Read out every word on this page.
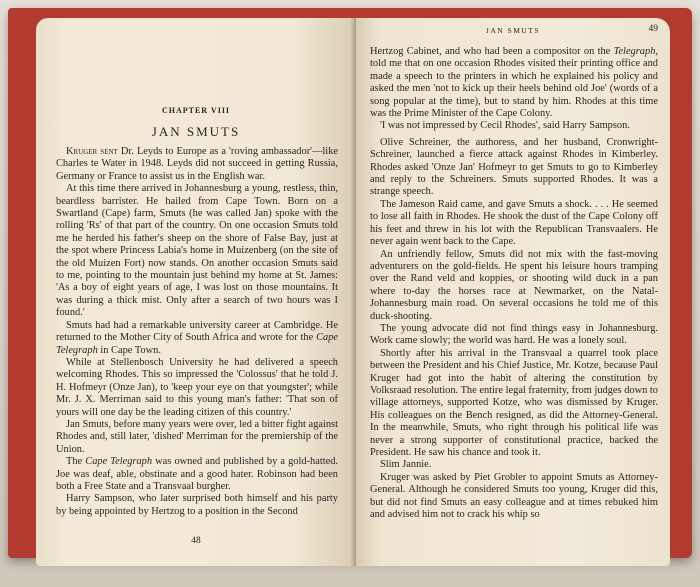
CHAPTER VIII
JAN SMUTS

Kruger sent Dr. Leyds to Europe as a 'roving ambassador'—like Charles te Water in 1948. Leyds did not succeed in getting Russia, Germany or France to assist us in the English war.

At this time there arrived in Johannesburg a young, restless, thin, beardless barrister. He hailed from Cape Town. Born on a Swartland (Cape) farm, Smuts (he was called Jan) spoke with the rolling 'Rs' of that part of the country. On one occasion Smuts told me he herded his father's sheep on the shore of False Bay, just at the spot where Princess Labia's home in Muizenberg (on the site of the old Muizen Fort) now stands. On another occasion Smuts said to me, pointing to the mountain just behind my home at St. James: 'As a boy of eight years of age, I was lost on those mountains. It was during a thick mist. Only after a search of two hours was I found.'

Smuts had had a remarkable university career at Cambridge. He returned to the Mother City of South Africa and wrote for the Cape Telegraph in Cape Town.

While at Stellenbosch University he had delivered a speech welcoming Rhodes. This so impressed the 'Colossus' that he told J. H. Hofmeyr (Onze Jan), to 'keep your eye on that youngster'; while Mr. J. X. Merriman said to this young man's father: 'That son of yours will one day be the leading citizen of this country.'

Jan Smuts, before many years were over, led a bitter fight against Rhodes and, still later, 'dished' Merriman for the premiership of the Union.

The Cape Telegraph was owned and published by a gold-hatted. Joe was deaf, able, obstinate and a good hater. Robinson had been both a Free State and a Transvaal burgher.

Harry Sampson, who later surprised both himself and his party by being appointed by Hertzog to a position in the Second

48
JAN SMUTS	49

Hertzog Cabinet, and who had been a compositor on the Telegraph, told me that on one occasion Rhodes visited their printing office and made a speech to the printers in which he explained his policy and asked the men 'not to kick up their heels behind old Joe' (words of a song popular at the time), but to stand by him. Rhodes at this time was the Prime Minister of the Cape Colony.

'I was not impressed by Cecil Rhodes', said Harry Sampson.

Olive Schreiner, the authoress, and her husband, Cronwright-Schreiner, launched a fierce attack against Rhodes in Kimberley. Rhodes asked 'Onze Jan' Hofmeyr to get Smuts to go to Kimberley and reply to the Schreiners. Smuts supported Rhodes. It was a strange speech.

The Jameson Raid came, and gave Smuts a shock. . . . He seemed to lose all faith in Rhodes. He shook the dust of the Cape Colony off his feet and threw in his lot with the Republican Transvaalers. He never again went back to the Cape.

An unfriendly fellow, Smuts did not mix with the fast-moving adventurers on the gold-fields. He spent his leisure hours tramping over the Rand veld and koppies, or shooting wild duck in a pan where to-day the horses race at Newmarket, on the Natal-Johannesburg main road. On several occasions he told me of this duck-shooting.

The young advocate did not find things easy in Johannesburg. Work came slowly; the world was hard. He was a lonely soul.

Shortly after his arrival in the Transvaal a quarrel took place between the President and his Chief Justice, Mr. Kotze, because Paul Kruger had got into the habit of altering the constitution by Volksraad resolution. The entire legal fraternity, from judges down to village attorneys, supported Kotze, who was dismissed by Kruger. His colleagues on the Bench resigned, as did the Attorney-General. In the meanwhile, Smuts, who right through his political life was never a strong supporter of constitutional practice, backed the President. He saw his chance and took it.

Slim Jannie.

Kruger was asked by Piet Grobler to appoint Smuts as Attorney-General. Although he considered Smuts too young, Kruger did this, but did not find Smuts an easy colleague and at times rebuked him and advised him not to crack his whip so
